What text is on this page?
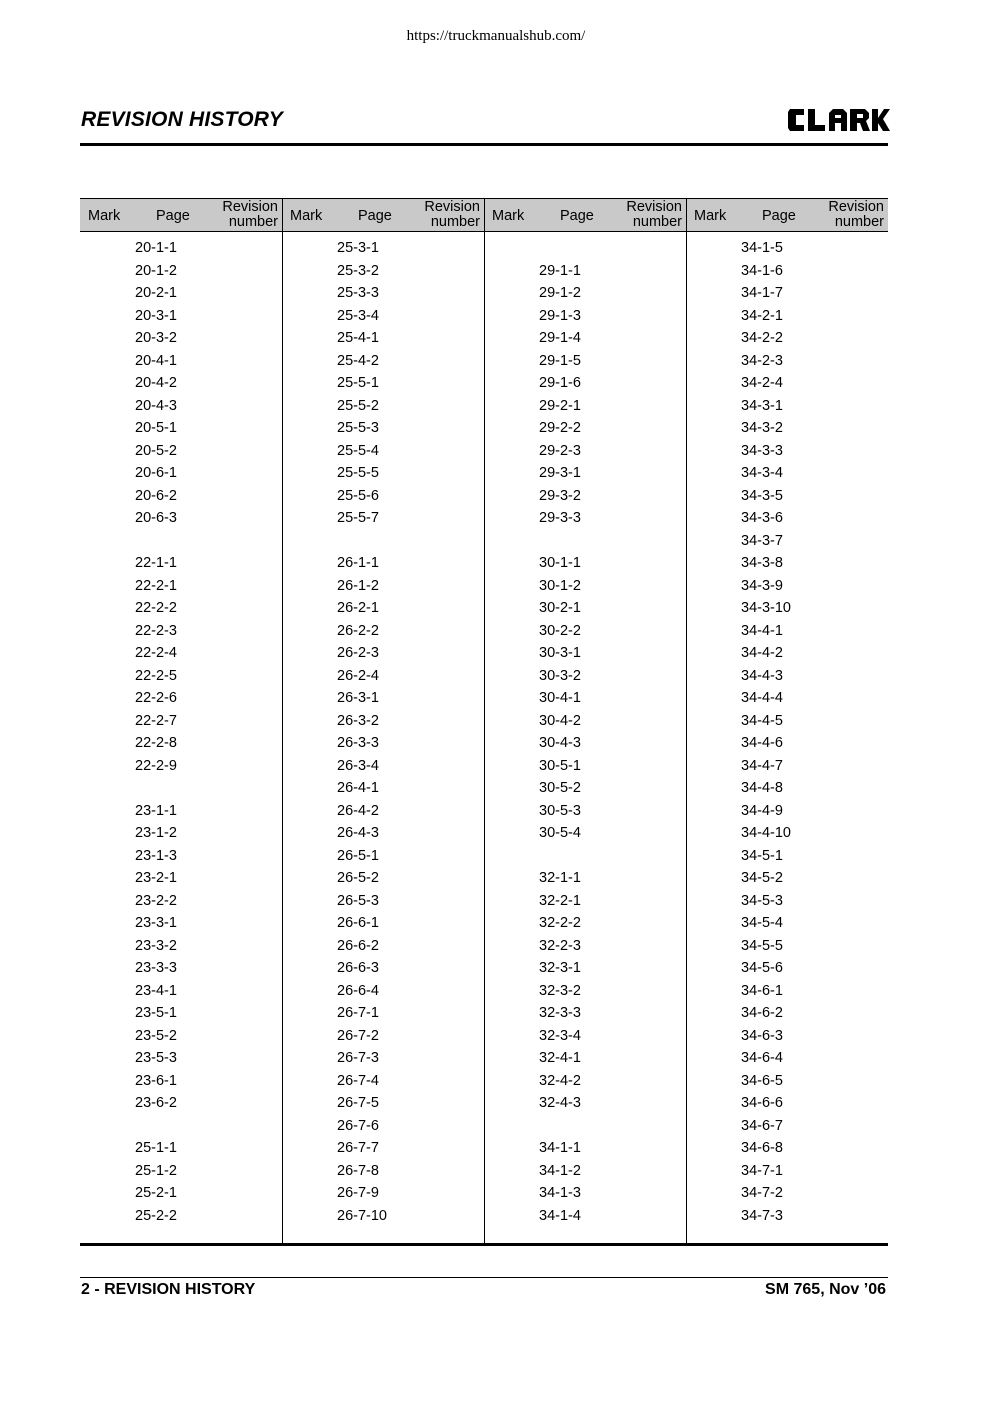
https://truckmanualshub.com/
REVISION HISTORY
Mark Page
Revision
number Mark Page
Revision
number Mark Page
Revision
number Mark Page
Revision
number
20-1-1
20-1-2
20-2-1
20-3-1
20-3-2
20-4-1
20-4-2
20-4-3
20-5-1
20-5-2
20-6-1
20-6-2
20-6-3
22-1-1
22-2-1
22-2-2
22-2-3
22-2-4
22-2-5
22-2-6
22-2-7
22-2-8
22-2-9
23-1-1
23-1-2
23-1-3
23-2-1
23-2-2
23-3-1
23-3-2
23-3-3
23-4-1
23-5-1
23-5-2
23-5-3
23-6-1
23-6-2
25-1-1
25-1-2
25-2-1
25-2-2
25-3-1
25-3-2
25-3-3
25-3-4
25-4-1
25-4-2
25-5-1
25-5-2
25-5-3
25-5-4
25-5-5
25-5-6
25-5-7
26-1-1
26-1-2
26-2-1
26-2-2
26-2-3
26-2-4
26-3-1
26-3-2
26-3-3
26-3-4
26-4-1
26-4-2
26-4-3
26-5-1
26-5-2
26-5-3
26-6-1
26-6-2
26-6-3
26-6-4
26-7-1
26-7-2
26-7-3
26-7-4
26-7-5
26-7-6
26-7-7
26-7-8
26-7-9
26-7-10
29-1-1
29-1-2
29-1-3
29-1-4
29-1-5
29-1-6
29-2-1
29-2-2
29-2-3
29-3-1
29-3-2
29-3-3
30-1-1
30-1-2
30-2-1
30-2-2
30-3-1
30-3-2
30-4-1
30-4-2
30-4-3
30-5-1
30-5-2
30-5-3
30-5-4
32-1-1
32-2-1
32-2-2
32-2-3
32-3-1
32-3-2
32-3-3
32-3-4
32-4-1
32-4-2
32-4-3
34-1-1
34-1-2
34-1-3
34-1-4
34-1-5
34-1-6
34-1-7
34-2-1
34-2-2
34-2-3
34-2-4
34-3-1
34-3-2
34-3-3
34-3-4
34-3-5
34-3-6
34-3-7
34-3-8
34-3-9
34-3-10
34-4-1
34-4-2
34-4-3
34-4-4
34-4-5
34-4-6
34-4-7
34-4-8
34-4-9
34-4-10
34-5-1
34-5-2
34-5-3
34-5-4
34-5-5
34-5-6
34-6-1
34-6-2
34-6-3
34-6-4
34-6-5
34-6-6
34-6-7
34-6-8
34-7-1
34-7-2
34-7-3
2 - REVISION HISTORY	SM 765, Nov ’06
